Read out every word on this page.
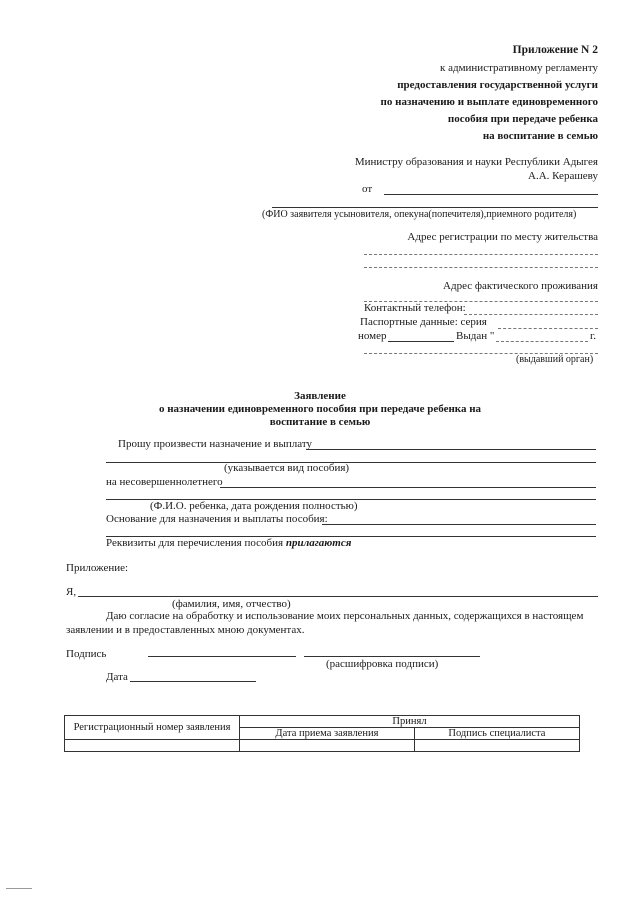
Приложение N 2
к административному регламенту
предоставления государственной услуги
по назначению и выплате единовременного
пособия при передаче ребенка
на воспитание в семью
Министру образования и науки Республики Адыгея
А.А. Керашеву
от
(ФИО заявителя усыновителя, опекуна(попечителя),приемного родителя)
Адрес регистрации по месту жительства
Адрес фактического проживания
Контактный телефон:
Паспортные данные: серия
номер	Выдан "	г.
(выдавший орган)
Заявление
о назначении единовременного пособия при передаче ребенка на
воспитание в семью
Прошу произвести назначение и выплату
(указывается вид пособия)
на несовершеннолетнего
(Ф.И.О. ребенка, дата рождения полностью)
Основание для назначения и выплаты пособия:
Реквизиты для перечисления пособия прилагаются
Приложение:
Я,
(фамилия, имя, отчество)
Даю согласие на обработку и использование моих персональных данных, содержащихся в настоящем
заявлении и в предоставленных мною документах.
Подпись
(расшифровка подписи)
Дата
Регистрационный номер заявления	Принял	
	Дата приема заявления	Подпись специалиста
